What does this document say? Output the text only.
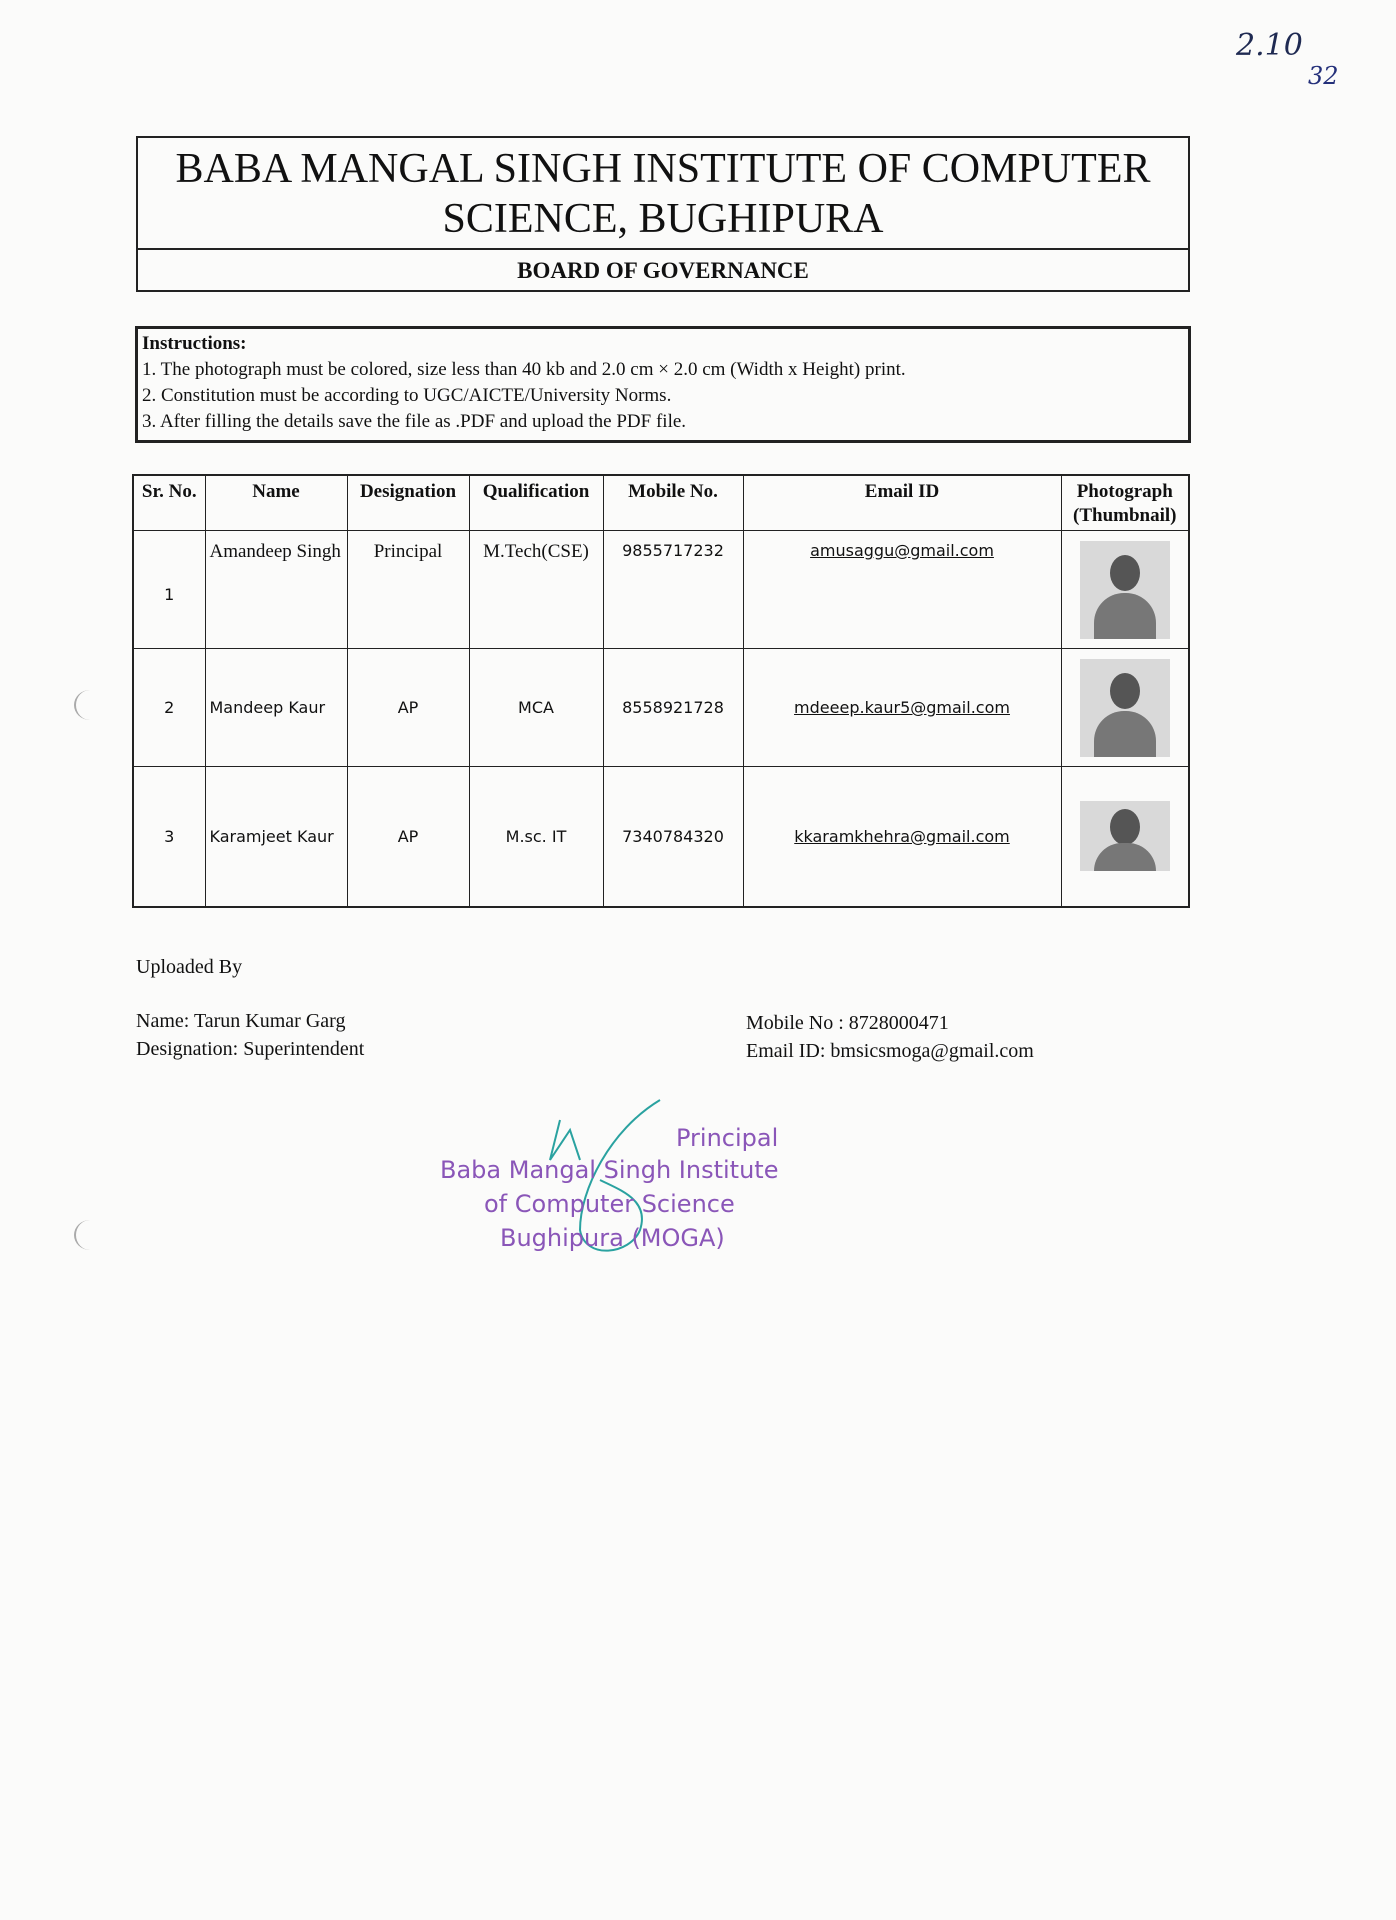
2.10
32
BABA MANGAL SINGH INSTITUTE OF COMPUTER SCIENCE, BUGHIPURA
BOARD OF GOVERNANCE
Instructions:
1. The photograph must be colored, size less than 40 kb and 2.0 cm × 2.0 cm (Width x Height) print.
2. Constitution must be according to UGC/AICTE/University Norms.
3. After filling the details save the file as .PDF and upload the PDF file.
Sr. No.	Name	Designation	Qualification	Mobile No.	Email ID	Photograph (Thumbnail)
1	Amandeep Singh	Principal	M.Tech(CSE)	9855717232	amusaggu@gmail.com	

2	Mandeep Kaur	AP	MCA	8558921728	mdeeep.kaur5@gmail.com	

3	Karamjeet Kaur	AP	M.sc. IT	7340784320	kkaramkhehra@gmail.com	
Uploaded By
Name: Tarun Kumar Garg
Designation: Superintendent
Mobile No : 8728000471
Email ID: bmsicsmoga@gmail.com
Principal
Baba Mangal Singh Institute
of Computer Science
Bughipura (MOGA)
